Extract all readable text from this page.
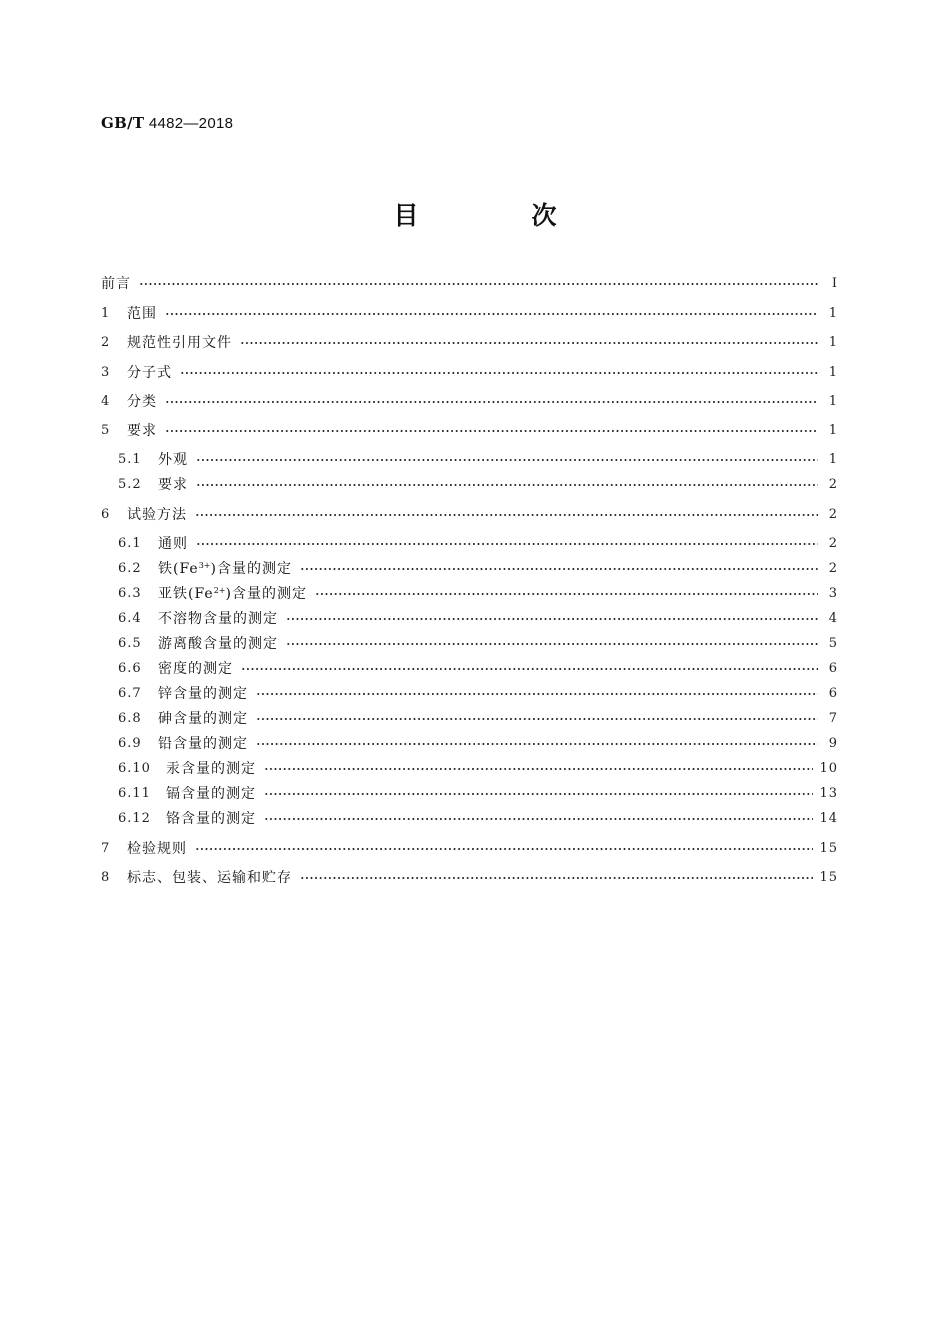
GB/T 4482—2018
目　次
前言	Ⅰ
1	范围	1
2	规范性引用文件	1
3	分子式	1
4	分类	1
5	要求	1
5.1	外观	1
5.2	要求	2
6	试验方法	2
6.1	通则	2
6.2	铁$(Fe^{3+})$含量的测定	2
6.3	亚铁$(Fe^{2+})$含量的测定	3
6.4	不溶物含量的测定	4
6.5	游离酸含量的测定	5
6.6	密度的测定	6
6.7	锌含量的测定	6
6.8	砷含量的测定	7
6.9	铅含量的测定	9
6.10	汞含量的测定	10
6.11	镉含量的测定	13
6.12	铬含量的测定	14
7	检验规则	15
8	标志、包装、运输和贮存	15
